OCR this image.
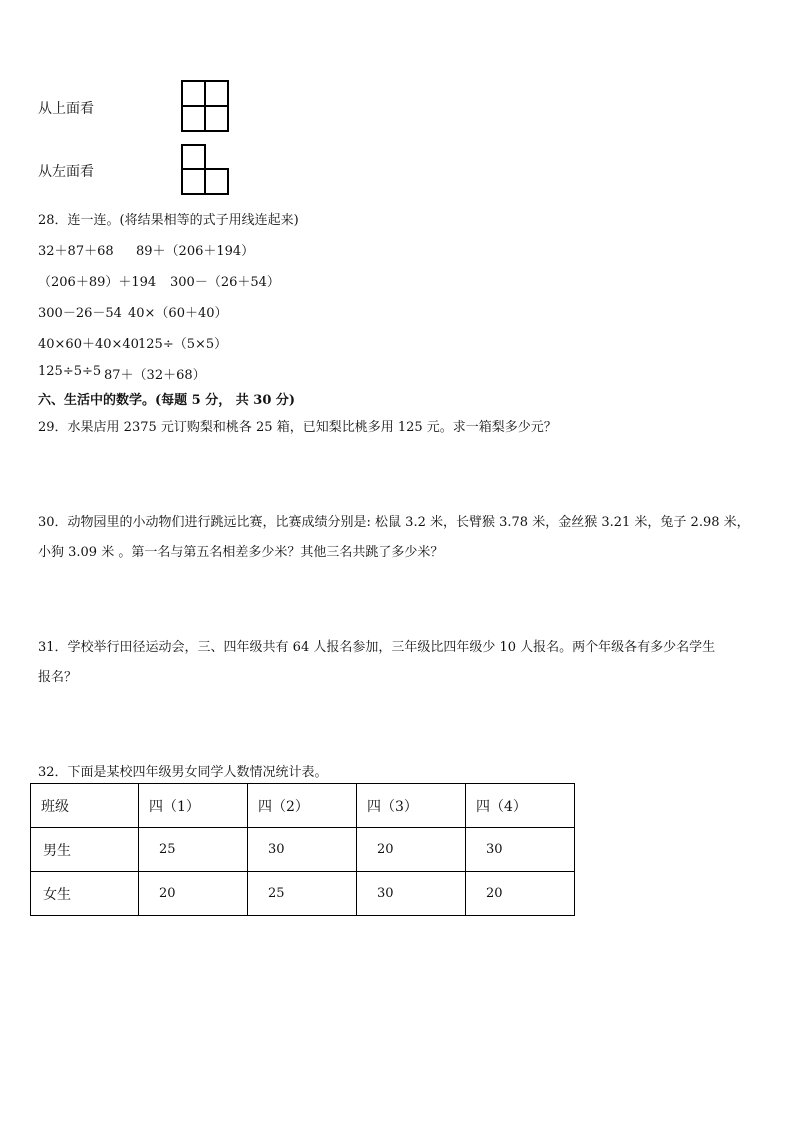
从上面看
从左面看
28．连一连。(将结果相等的式子用线连起来)
32＋87＋68 89＋（206＋194）
（206＋89）＋194 300－（26＋54）
300－26－54 40×（60＋40）
40×60＋40×40 125÷（5×5）
125÷5÷5 87＋（32＋68）
六、生活中的数学。(每题 5 分， 共 30 分)
29．水果店用 2375 元订购梨和桃各 25 箱，已知梨比桃多用 125 元。求一箱梨多少元？
30．动物园里的小动物们进行跳远比赛，比赛成绩分别是: 松鼠 3.2 米，长臂猴 3.78 米，金丝猴 3.21 米，兔子 2.98 米，
小狗 3.09 米 。第一名与第五名相差多少米？其他三名共跳了多少米？
31．学校举行田径运动会，三、四年级共有 64 人报名参加，三年级比四年级少 10 人报名。两个年级各有多少名学生
报名？
32．下面是某校四年级男女同学人数情况统计表。
班级	四（1）	四（2）	四（3）	四（4）
男生	25	30	20	30
女生	20	25	30	20
